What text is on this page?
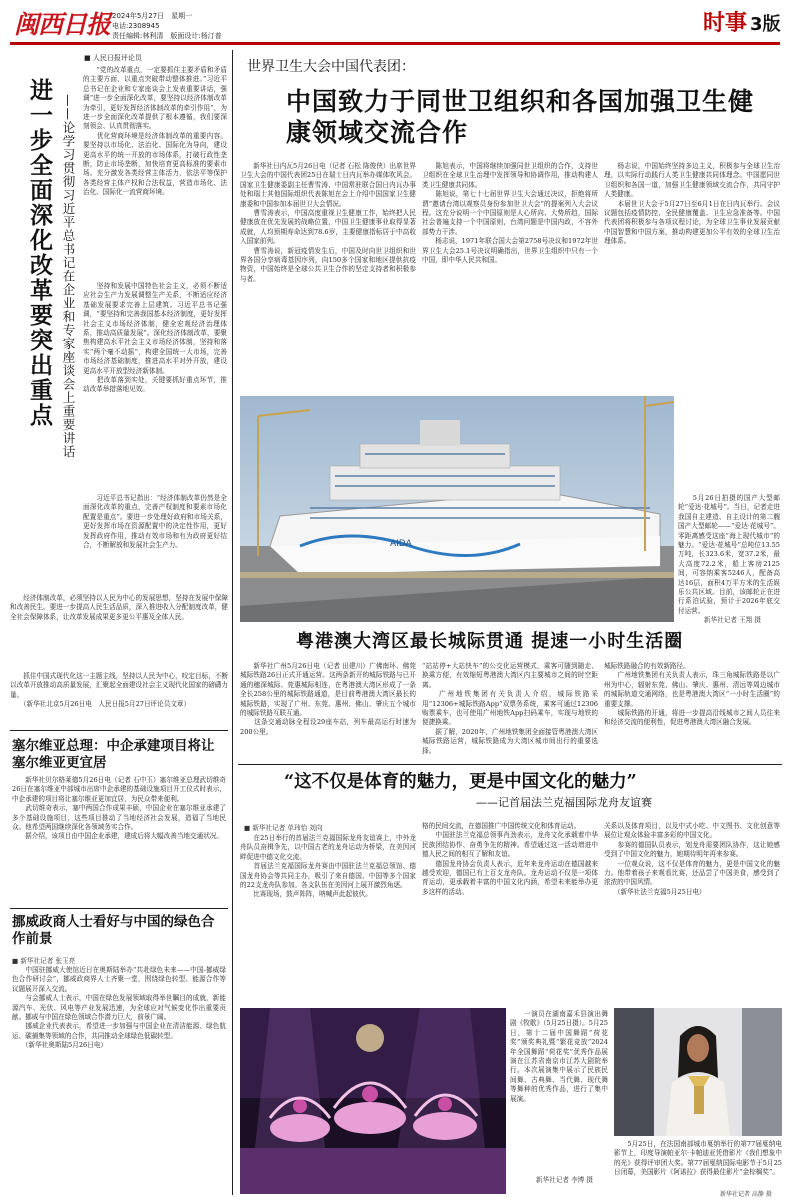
闽西日报 2024年5月27日　 星期一
电话:2308945
责任编辑:林利清　版面设计:杨汀普	时事 3版
■ 人民日报评论员
进一步全面深化改革要突出重点 ——论学习贯彻习近平总书记在企业和专家座谈会上重要讲话
　　“党的改革重点，一定要抓住主要矛盾和矛盾的主要方面，以重点突破带动整体推进。”习近平总书记在企业和专家座谈会上发表重要讲话，强调“进一步全面深化改革，要坚持以经济体制改革为牵引，更好发挥经济体制改革的牵引作用”，为进一步全面深化改革提供了根本遵循，我们要深刻领会、认真贯彻落实。
　　优化营商环境是经济体制改革的重要内容。要坚持以市场化、法治化、国际化为导向，建设更高水平的统一开放的市场体系，打破行政性垄断，防止市场垄断，加快培育更高标准的要素市场。充分激发各类经营主体活力，依法平等保护各类经营主体产权和合法权益，营造市场化、法治化、国际化一流营商环境。
　　坚持和发展中国特色社会主义，必须不断适应社会生产力发展调整生产关系，不断适应经济基础发展要求完善上层建筑。习近平总书记强调，“要坚持和完善我国基本经济制度，更好发挥社会主义市场经济体制，健全宏观经济治理体系，推动高质量发展”。深化经济体制改革，要聚焦构建高水平社会主义市场经济体制，坚持和落实“两个毫不动摇”，构建全国统一大市场，完善市场经济基础制度，推进高水平对外开放，建设更高水平开放型经济新体制。
　　把改革落到实处，关键要抓好重点环节，推动改革举措落地见效。
　　习近平总书记指出：“经济体制改革仍然是全面深化改革的重点，完善产权制度和要素市场化配置是重点”。要进一步处理好政府和市场关系，更好发挥市场在资源配置中的决定性作用，更好发挥政府作用，推动有效市场和有为政府更好结合，不断解放和发展社会生产力。
　　经济体制改革，必须坚持以人民为中心的发展思想，坚持在发展中保障和改善民生。要进一步提高人民生活品质，深入推进收入分配制度改革，健全社会保障体系，让改革发展成果更多更公平惠及全体人民。
　　抓住中国式现代化这一主题主线，坚持以人民为中心，咬定目标，不断以改革开放推动高质量发展，汇聚起全面建设社会主义现代化国家的磅礴力量。
　　（新华社北京5月26日电　人民日报5月27日评论员文章）
塞尔维亚总理：中企承建项目将让塞尔维亚更宜居
　　新华社贝尔格莱德5月26日电（记者 石中玉）塞尔维亚总理武切维奇26日在塞尔维亚中部城市出席中企承建的基础设施项目开工仪式时表示，中企承建的项目将让塞尔维亚更加宜居，为民众带来便利。
　　武切维奇表示，塞中两国合作成果丰硕，中国企业在塞尔维亚承建了多个基础设施项目，这些项目推动了当地经济社会发展，造福了当地民众。他希望两国继续深化各领域务实合作。
　　据介绍，该项目由中国企业承建，建成后将大幅改善当地交通状况。
挪威政商人士看好与中国的绿色合作前景
■ 新华社记者 张玉亮
　　中国驻挪威大使馆近日在奥斯陆举办“共赴绿色未来——中国-挪威绿色合作研讨会”，挪威政商界人士齐聚一堂，围绕绿色转型、能源合作等议题展开深入交流。
　　与会挪威人士表示，中国在绿色发展领域取得举世瞩目的成就，新能源汽车、光伏、风电等产业发展迅速，为全球应对气候变化作出重要贡献。挪威与中国在绿色领域合作潜力巨大，前景广阔。
　　挪威企业代表表示，希望进一步加强与中国企业在清洁能源、绿色航运、碳捕集等领域的合作，共同推动全球绿色低碳转型。
　　（新华社奥斯陆5月26日电）
世界卫生大会中国代表团：
中国致力于同世卫组织和各国加强卫生健康领域交流合作
　　新华社日内瓦5月26日电（记者 石松 陈俊侠）出席世界卫生大会的中国代表团25日在瑞士日内瓦举办媒体吹风会。国家卫生健康委副主任曹雪涛、中国常驻联合国日内瓦办事处和瑞士其他国际组织代表陈旭在会上介绍中国国家卫生健康委和中国参加本届世卫大会情况。
　　曹雪涛表示，中国高度重视卫生健康工作，始终把人民健康放在优先发展的战略位置，中国卫生健康事业取得显著成就，人均预期寿命达到78.6岁，主要健康指标居于中高收入国家前列。
　　曹雪涛说，新冠疫情发生后，中国及时向世卫组织和世界各国分享病毒基因序列，向150多个国家和地区提供抗疫物资，中国始终是全球公共卫生合作的坚定支持者和积极参与者。
　　陈旭表示，中国将继续加强同世卫组织的合作，支持世卫组织在全球卫生治理中发挥领导和协调作用，推动构建人类卫生健康共同体。
　　陈旭说，第七十七届世界卫生大会通过决议，拒绝将所谓“邀请台湾以观察员身份参加世卫大会”的提案列入大会议程。这充分说明一个中国原则是人心所向、大势所趋，国际社会普遍支持一个中国原则，台湾问题是中国内政，不容外部势力干涉。
　　杨志说，1971年联合国大会第2758号决议和1972年世界卫生大会25.1号决议明确指出，世界卫生组织中只有一个中国，即中华人民共和国。
　　杨志说，中国始终坚持多边主义，积极参与全球卫生治理，以实际行动践行人类卫生健康共同体理念。中国愿同世卫组织和各国一道，加强卫生健康领域交流合作，共同守护人类健康。
　　本届世卫大会于5月27日至6月1日在日内瓦举行。会议议题包括疫情防控、全民健康覆盖、卫生应急准备等。中国代表团将积极参与各项议程讨论，为全球卫生事业发展贡献中国智慧和中国方案，推动构建更加公平有效的全球卫生治理体系。
AIDA
　　5月26日拍摄的国产大型邮轮“爱达·花城号”。当日，记者走进我国自主建造、自主设计的第二艘国产大型邮轮——“爱达·花城号”。零距离感受这座“海上现代城市”的魅力。“爱达·花城号”总吨位13.55万吨，长323.6米，宽37.2米，最大高度72.2米，船上客房2125间，可容纳乘客5246人，配备高达16层，面积4万平方米的生活娱乐公共区域。目前，该邮轮正在进行系泊试验，预计于2026年底交付运营。
新华社记者 王翔 摄
粤港澳大湾区最长城际贯通 提速一小时生活圈
　　新华社广州5月26日电（记者 田建川）广佛南环、佛莞城际铁路26日正式开通运营。这两条新开的城际铁路与已开通的穗深城际、莞惠城际相连，在粤港澳大湾区形成了一条全长258公里的城际铁路通道，是目前粤港澳大湾区最长的城际铁路，实现了广州、东莞、惠州、佛山、肇庆五个城市的城际铁路互联互通。
　　这条交通动脉全程设29座车站，列车最高运行时速为200公里。
“站站停+大站快车”的公交化运营模式，乘客可随到随走、换乘方便，有效缩短粤港澳大湾区内主要城市之间的时空距离。
　　广州地铁集团有关负责人介绍，城际铁路采用“12306+城际铁路App”双票务系统，乘客可通过12306购票乘车，也可使用广州地铁App扫码乘车，实现与地铁的便捷换乘。
　　据了解，2020年，广州地铁集团全面接管粤港澳大湾区城际铁路运营，城际铁路成为大湾区城市间出行的重要选择。
城际铁路融合的有效新路径。
　　广州地铁集团有关负责人表示，珠三角城际铁路是以广州为中心，辐射东莞、佛山、肇庆、惠州、清远等周边城市的城际轨道交通网络，也是粤港澳大湾区“一小时生活圈”的重要支撑。
　　城际铁路的开通，将进一步提高沿线城市之间人员往来和经济交流的便利性，促进粤港澳大湾区融合发展。
“这不仅是体育的魅力，更是中国文化的魅力”
——记首届法兰克福国际龙舟友谊赛
■ 新华社记者 单玮怡 刘向
　　在25日举行的首届法兰克福国际龙舟友谊赛上，中外龙舟队员奋楫争先，以中国古老的龙舟运动为桥梁，在美因河畔促进中德文化交流。
　　首届法兰克福国际龙舟赛由中国驻法兰克福总领馆、德国龙舟协会等共同主办，吸引了来自德国、中国等多个国家的22支龙舟队参加。各支队伍在美因河上展开激烈角逐。
　　比赛现场，鼓声阵阵，呐喊声此起彼伏。
格的民间交流，在德国推广中国传统文化和体育运动。
　　中国驻法兰克福总领事肖劲表示，龙舟文化承载着中华民族团结协作、奋勇争先的精神。希望通过这一活动增进中德人民之间的相互了解和友谊。
　　德国龙舟协会负责人表示，近年来龙舟运动在德国越来越受欢迎，德国已有上百支龙舟队。龙舟运动不仅是一项体育运动，更承载着丰富的中国文化内涵，希望未来能举办更多这样的活动。
关系以及体育项目，以及中式小吃、中文图书、文化创意等展位让观众体验丰富多彩的中国文化。
　　参赛的德国队员表示，划龙舟需要团队协作，这让她感受到了中国文化的魅力，她期待明年再来参赛。
　　一位观众说，这不仅是体育的魅力，更是中国文化的魅力。他带着孩子来观看比赛，还品尝了中国美食，感受到了浓浓的中国风情。
　　（新华社法兰克福5月25日电）
　　一演员在湖南嘉禾县演出舞剧《牧歌》（5月25日摄）。5月25日，第十二届中国舞蹈“荷花奖”颁奖典礼暨“繁花竞放”2024年全国舞蹈“荷花奖”优秀作品展演在江苏省南京市江苏大剧院举行。本次展演集中展示了民族民间舞、古典舞、当代舞、现代舞等舞种的优秀作品，进行了集中展演。
新华社记者 李博 摄
　　5月25日，在法国南部城市戛纳举行的第77届戛纳电影节上，印度导演帕亚尔·卡帕迪亚凭借影片《我们想象中的光》获得评审团大奖。第77届戛纳国际电影节于5月25日闭幕，美国影片《阿诺拉》获得最佳影片“金棕榈奖”。
新华社记者 高静 摄
